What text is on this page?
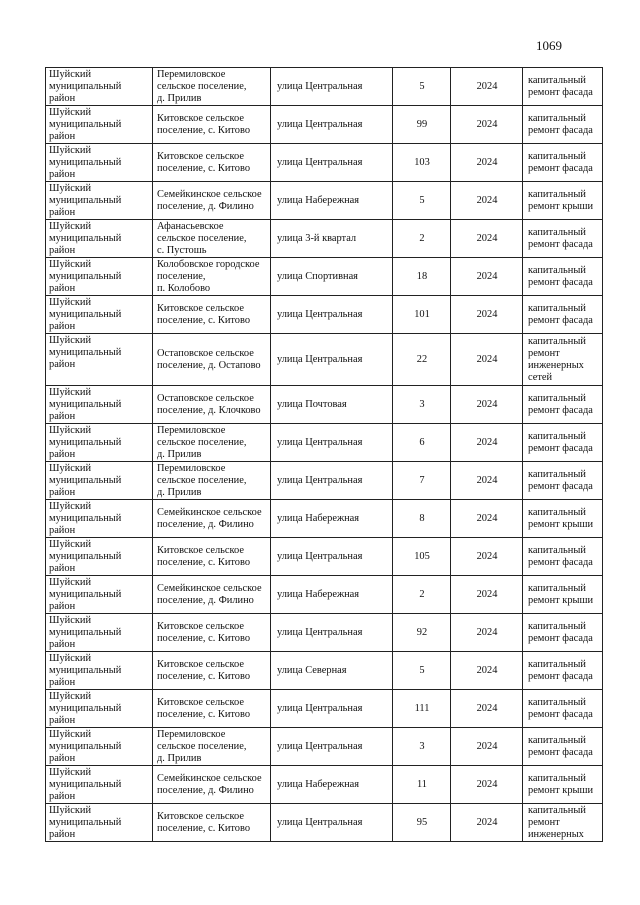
1069
Шуйский
муниципальный
район	Перемиловское
сельское поселение,
д. Прилив	улица Центральная	5	2024	капитальный
ремонт фасада

Шуйский
муниципальный
район	Китовское сельское
поселение, с. Китово	улица Центральная	99	2024	капитальный
ремонт фасада

Шуйский
муниципальный
район	Китовское сельское
поселение, с. Китово	улица Центральная	103	2024	капитальный
ремонт фасада

Шуйский
муниципальный
район	Семейкинское сельское
поселение, д. Филино	улица Набережная	5	2024	капитальный
ремонт крыши

Шуйский
муниципальный
район	Афанасьевское
сельское поселение,
с. Пустошь	улица 3-й квартал	2	2024	капитальный
ремонт фасада

Шуйский
муниципальный
район	Колобовское городское
поселение,
п. Колобово	улица Спортивная	18	2024	капитальный
ремонт фасада

Шуйский
муниципальный
район	Китовское сельское
поселение, с. Китово	улица Центральная	101	2024	капитальный
ремонт фасада

Шуйский
муниципальный
район	Остаповское сельское
поселение, д. Остапово	улица Центральная	22	2024	капитальный
ремонт
инженерных
сетей

Шуйский
муниципальный
район	Остаповское сельское
поселение, д. Клочково	улица Почтовая	3	2024	капитальный
ремонт фасада

Шуйский
муниципальный
район	Перемиловское
сельское поселение,
д. Прилив	улица Центральная	6	2024	капитальный
ремонт фасада

Шуйский
муниципальный
район	Перемиловское
сельское поселение,
д. Прилив	улица Центральная	7	2024	капитальный
ремонт фасада

Шуйский
муниципальный
район	Семейкинское сельское
поселение, д. Филино	улица Набережная	8	2024	капитальный
ремонт крыши

Шуйский
муниципальный
район	Китовское сельское
поселение, с. Китово	улица Центральная	105	2024	капитальный
ремонт фасада

Шуйский
муниципальный
район	Семейкинское сельское
поселение, д. Филино	улица Набережная	2	2024	капитальный
ремонт крыши

Шуйский
муниципальный
район	Китовское сельское
поселение, с. Китово	улица Центральная	92	2024	капитальный
ремонт фасада

Шуйский
муниципальный
район	Китовское сельское
поселение, с. Китово	улица Северная	5	2024	капитальный
ремонт фасада

Шуйский
муниципальный
район	Китовское сельское
поселение, с. Китово	улица Центральная	111	2024	капитальный
ремонт фасада

Шуйский
муниципальный
район	Перемиловское
сельское поселение,
д. Прилив	улица Центральная	3	2024	капитальный
ремонт фасада

Шуйский
муниципальный
район	Семейкинское сельское
поселение, д. Филино	улица Набережная	11	2024	капитальный
ремонт крыши

Шуйский
муниципальный
район	Китовское сельское
поселение, с. Китово	улица Центральная	95	2024	капитальный
ремонт
инженерных
